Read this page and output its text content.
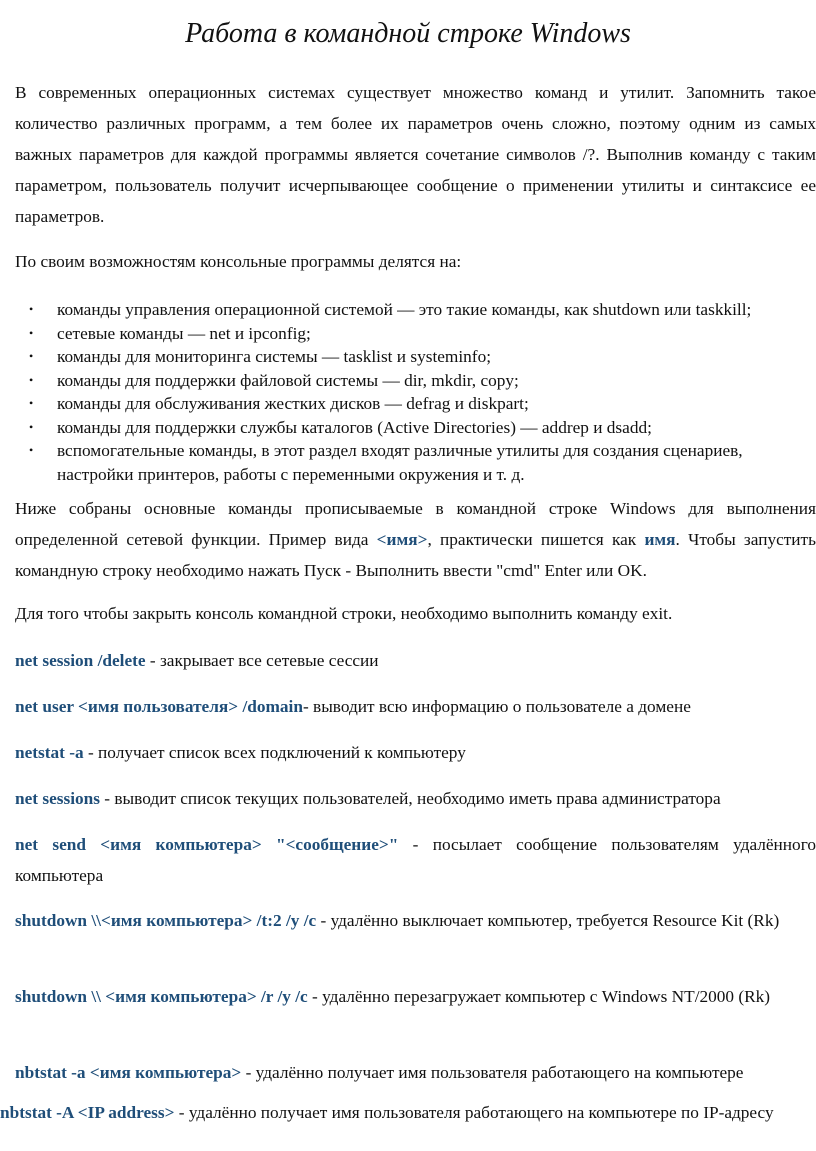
Работа в командной строке Windows

В современных операционных системах существует множество команд и утилит. Запомнить такое количество различных программ, а тем более их параметров очень сложно, поэтому одним из самых важных параметров для каждой программы является сочетание символов /?. Выполнив команду с таким параметром, пользователь получит исчерпывающее сообщение о применении утилиты и синтаксисе ее параметров.

По своим возможностям консольные программы делятся на:

• команды управления операционной системой — это такие команды, как shutdown или taskkill;
• сетевые команды — net и ipconfig;
• команды для мониторинга системы — tasklist и systeminfo;
• команды для поддержки файловой системы — dir, mkdir, copy;
• команды для обслуживания жестких дисков — defrag и diskpart;
• команды для поддержки службы каталогов (Active Directories) — addrep и dsadd;
• вспомогательные команды, в этот раздел входят различные утилиты для создания сценариев, настройки принтеров, работы с переменными окружения и т. д.

Ниже собраны основные команды прописываемые в командной строке Windows для выполнения определенной сетевой функции. Пример вида <имя>, практически пишется как имя. Чтобы запустить командную строку необходимо нажать Пуск - Выполнить ввести "cmd" Enter или OK.

Для того чтобы закрыть консоль командной строки, необходимо выполнить команду exit.

net session /delete - закрывает все сетевые сессии

net user <имя пользователя> /domain- выводит всю информацию о пользователе а домене

netstat -a - получает список всех подключений к компьютеру

net sessions - выводит список текущих пользователей, необходимо иметь права администратора

net send <имя компьютера> "<сообщение>" - посылает сообщение пользователям удалённого компьютера

shutdown \\<имя компьютера> /t:2 /y /c - удалённо выключает компьютер, требуется Resource Kit (Rk)

shutdown \\ <имя компьютера> /r /y /c - удалённо перезагружает компьютер с Windows NT/2000 (Rk)

nbtstat -a <имя компьютера> - удалённо получает имя пользователя работающего на компьютере

nbtstat -A <IP address> - удалённо получает имя пользователя работающего на компьютере по IP-адресу
